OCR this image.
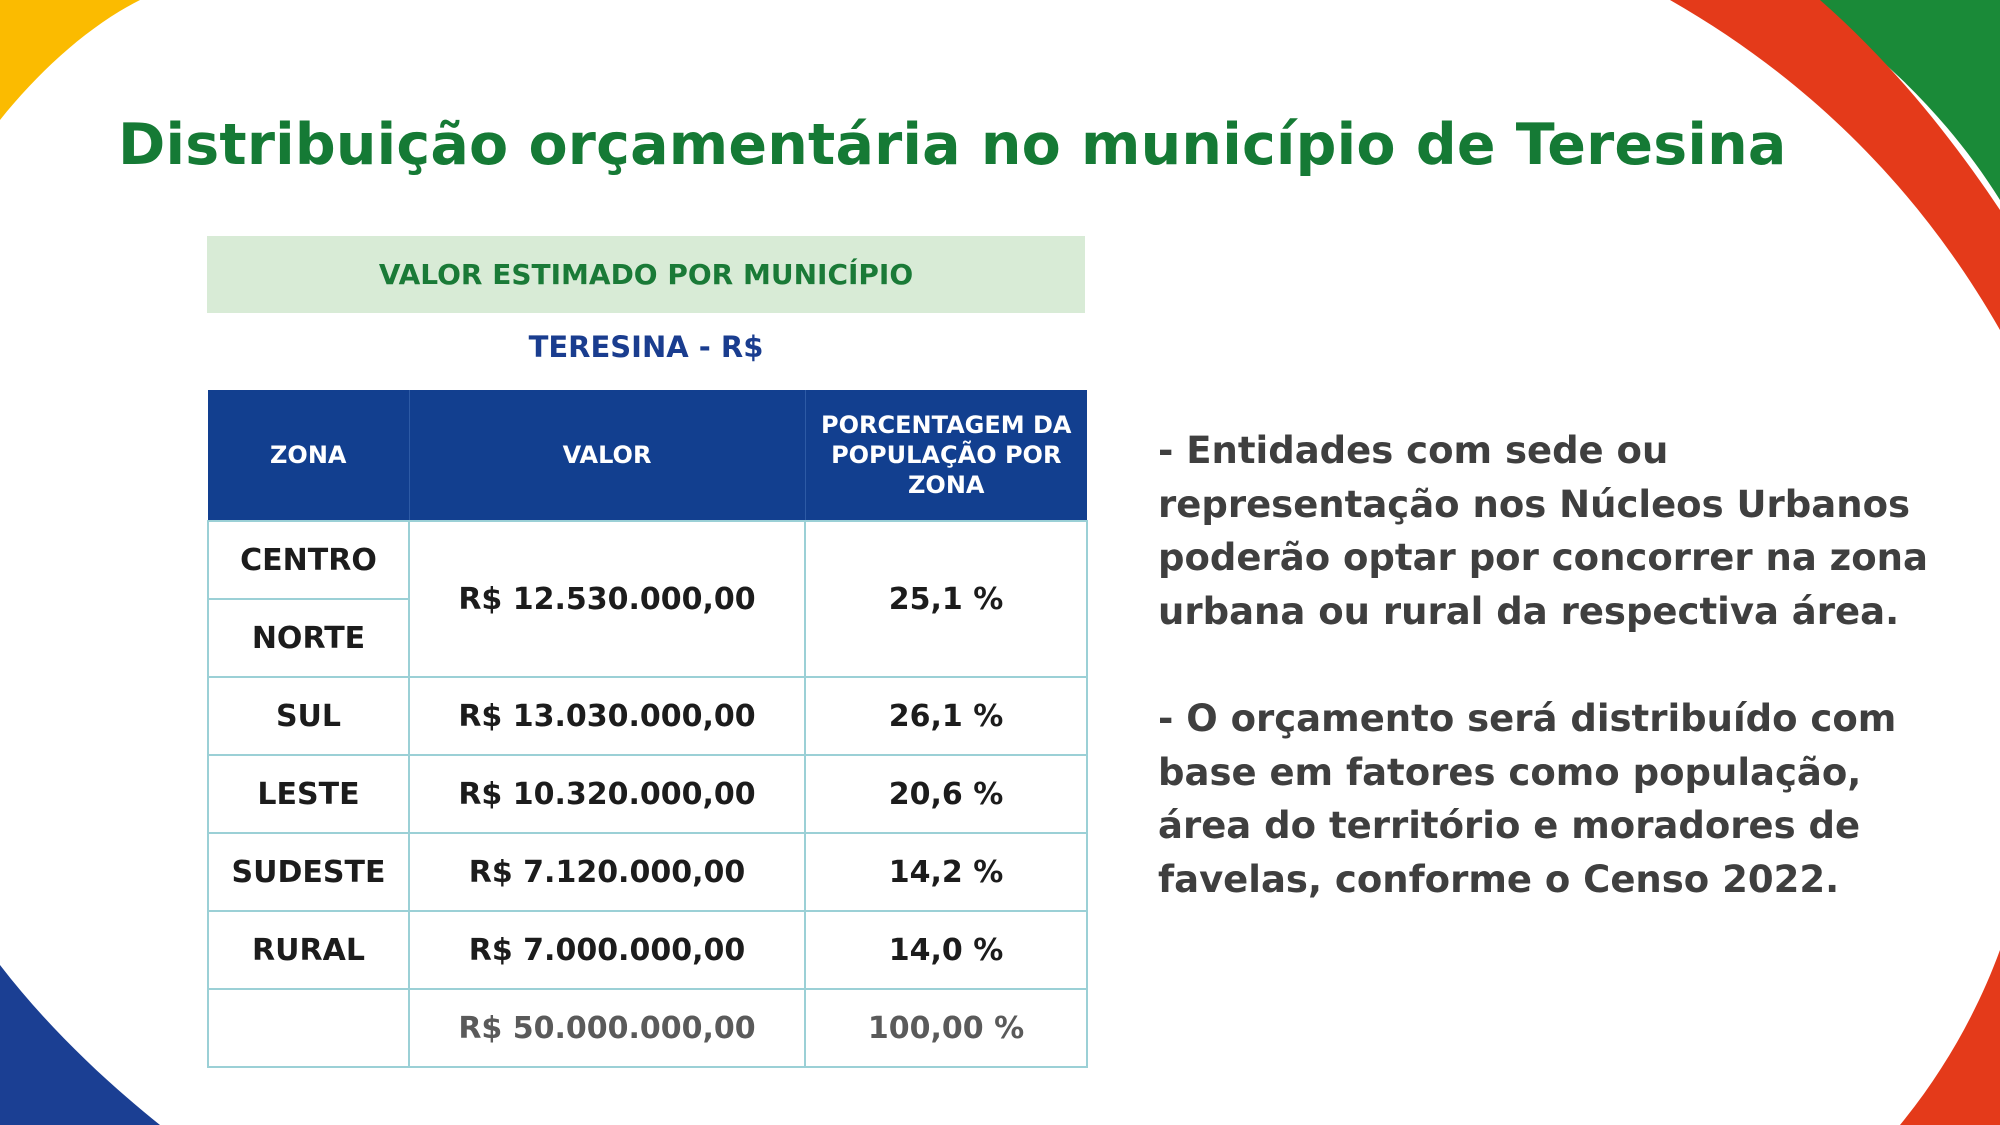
Distribuição orçamentária no município de Teresina
VALOR ESTIMADO POR MUNICÍPIO
TERESINA - R$
ZONA	VALOR	PORCENTAGEM DA POPULAÇÃO POR ZONA
CENTRO	R$ 12.530.000,00	25,1 %
NORTE		
SUL	R$ 13.030.000,00	26,1 %
LESTE	R$ 10.320.000,00	20,6 %
SUDESTE	R$ 7.120.000,00	14,2 %
RURAL	R$ 7.000.000,00	14,0 %
	R$ 50.000.000,00	100,00 %

- Entidades com sede ou representação nos Núcleos Urbanos poderão optar por concorrer na zona urbana ou rural da respectiva área.

- O orçamento será distribuído com base em fatores como população, área do território e moradores de favelas, conforme o Censo 2022.
